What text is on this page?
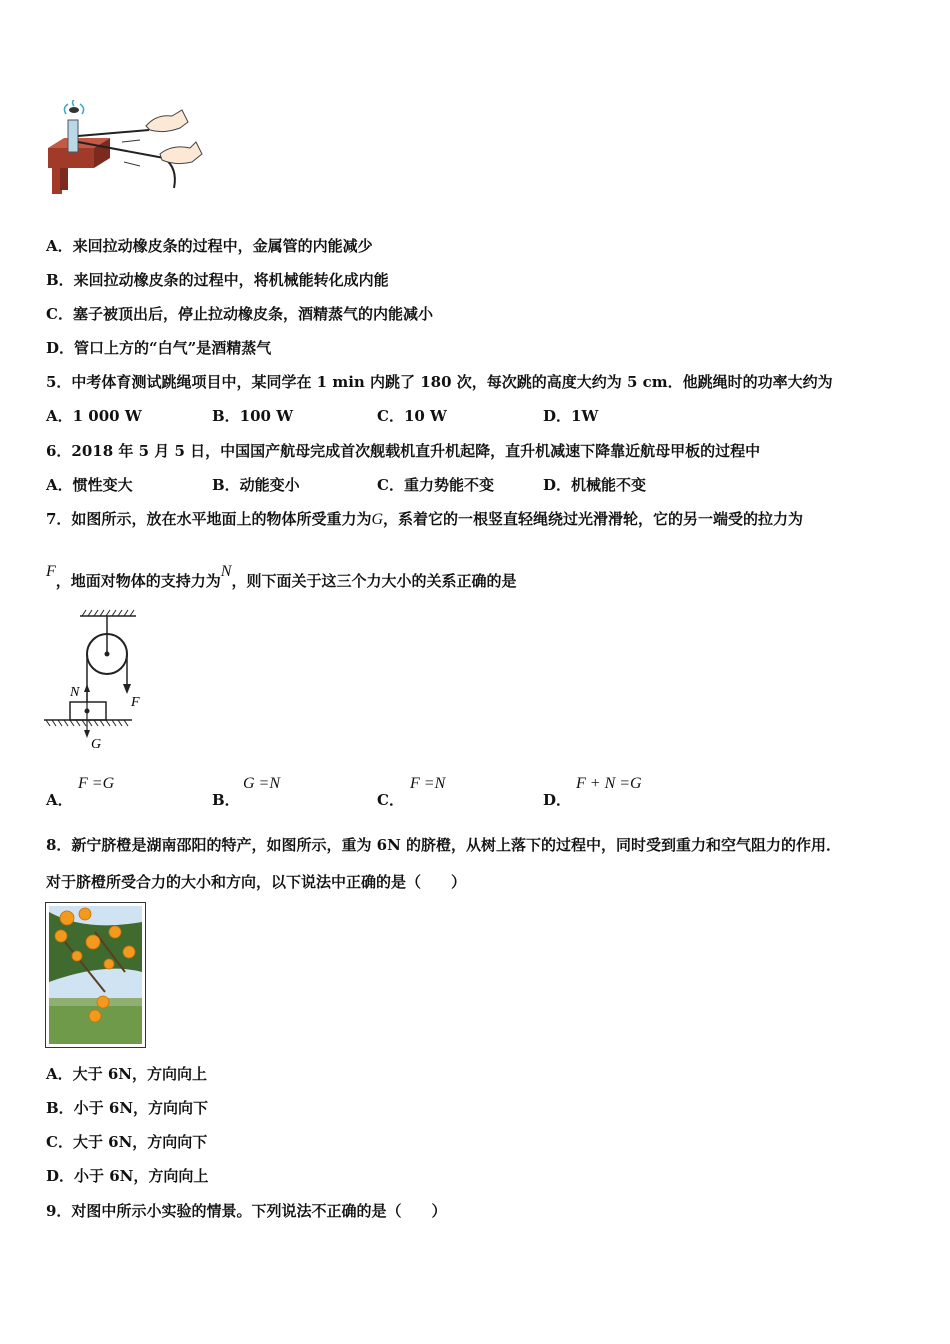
A．来回拉动橡皮条的过程中，金属管的内能减少
B．来回拉动橡皮条的过程中，将机械能转化成内能
C．塞子被顶出后，停止拉动橡皮条，酒精蒸气的内能减小
D．管口上方的“白气”是酒精蒸气
5．中考体育测试跳绳项目中，某同学在 1 min 内跳了 180 次，每次跳的高度大约为 5 cm．他跳绳时的功率大约为
A．1 000 W	B．100 W	C．10 W	D．1W
6．2018 年 5 月 5 日，中国国产航母完成首次舰载机直升机起降，直升机减速下降靠近航母甲板的过程中
A．惯性变大	B．动能变小	C．重力势能不变	D．机械能不变
7．如图所示，放在水平地面上的物体所受重力为G，系着它的一根竖直轻绳绕过光滑滑轮，它的另一端受的拉力为
F，地面对物体的支持力为N，则下面关于这三个力大小的关系正确的是
N
F
G
A．
F =G
B．
G =N
C．
F =N
D．
F + N =G
8．新宁脐橙是湖南邵阳的特产，如图所示，重为 6N 的脐橙，从树上落下的过程中，同时受到重力和空气阻力的作用．
对于脐橙所受合力的大小和方向，以下说法中正确的是（　　）
A．大于 6N，方向向上
B．小于 6N，方向向下
C．大于 6N，方向向下
D．小于 6N，方向向上
9．对图中所示小实验的情景。下列说法不正确的是（　　）
